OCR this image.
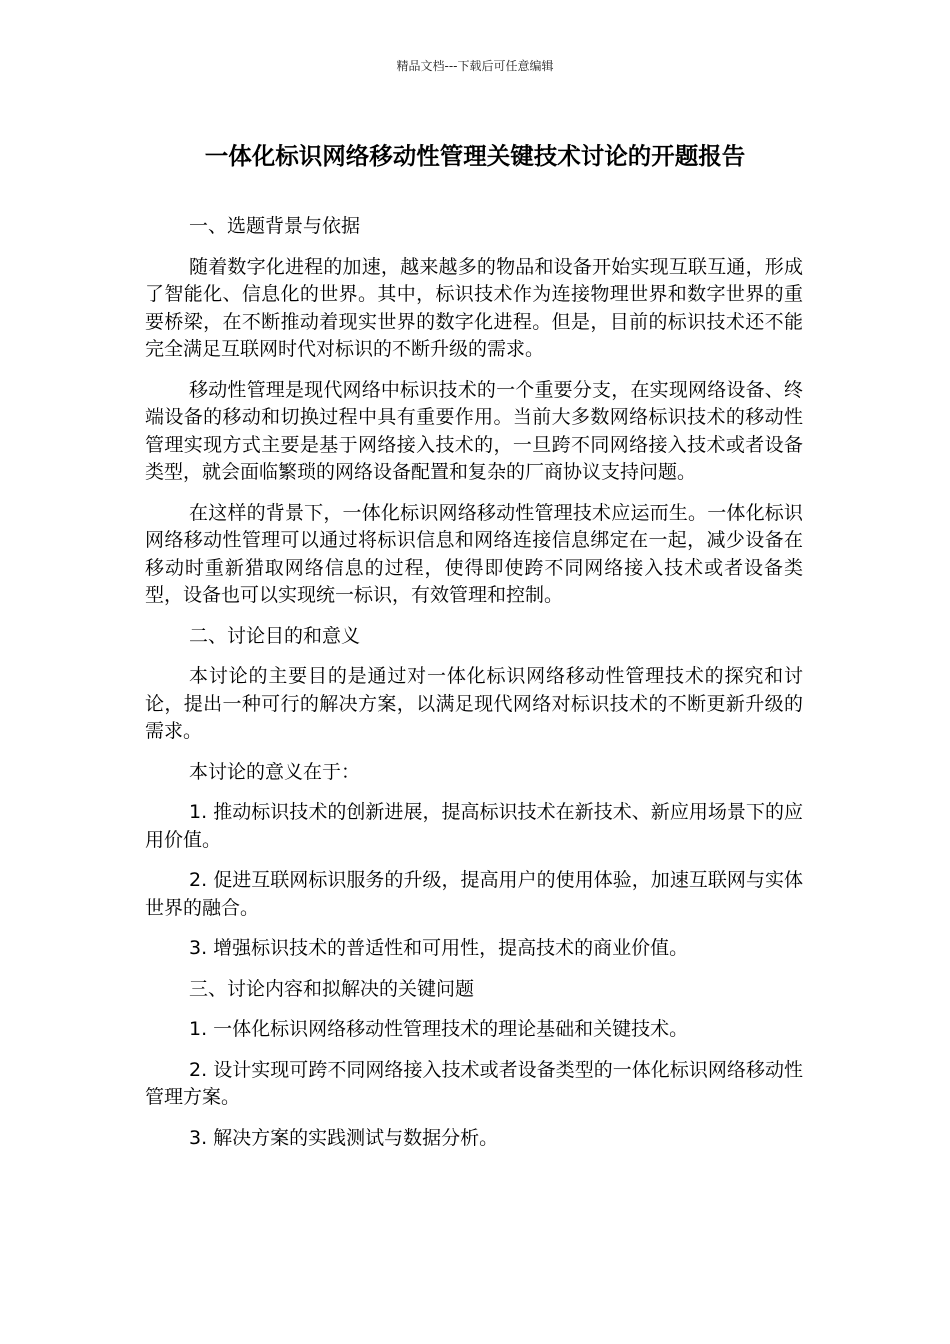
精品文档---下载后可任意编辑
一体化标识网络移动性管理关键技术讨论的开题报告

一、选题背景与依据

随着数字化进程的加速，越来越多的物品和设备开始实现互联互通，形成了智能化、信息化的世界。其中，标识技术作为连接物理世界和数字世界的重要桥梁，在不断推动着现实世界的数字化进程。但是，目前的标识技术还不能完全满足互联网时代对标识的不断升级的需求。

移动性管理是现代网络中标识技术的一个重要分支，在实现网络设备、终端设备的移动和切换过程中具有重要作用。当前大多数网络标识技术的移动性管理实现方式主要是基于网络接入技术的，一旦跨不同网络接入技术或者设备类型，就会面临繁琐的网络设备配置和复杂的厂商协议支持问题。

在这样的背景下，一体化标识网络移动性管理技术应运而生。一体化标识网络移动性管理可以通过将标识信息和网络连接信息绑定在一起，减少设备在移动时重新猎取网络信息的过程，使得即使跨不同网络接入技术或者设备类型，设备也可以实现统一标识，有效管理和控制。

二、讨论目的和意义

本讨论的主要目的是通过对一体化标识网络移动性管理技术的探究和讨论，提出一种可行的解决方案，以满足现代网络对标识技术的不断更新升级的需求。

本讨论的意义在于：

1. 推动标识技术的创新进展，提高标识技术在新技术、新应用场景下的应用价值。

2. 促进互联网标识服务的升级，提高用户的使用体验，加速互联网与实体世界的融合。

3. 增强标识技术的普适性和可用性，提高技术的商业价值。

三、讨论内容和拟解决的关键问题

1. 一体化标识网络移动性管理技术的理论基础和关键技术。

2. 设计实现可跨不同网络接入技术或者设备类型的一体化标识网络移动性管理方案。

3. 解决方案的实践测试与数据分析。
